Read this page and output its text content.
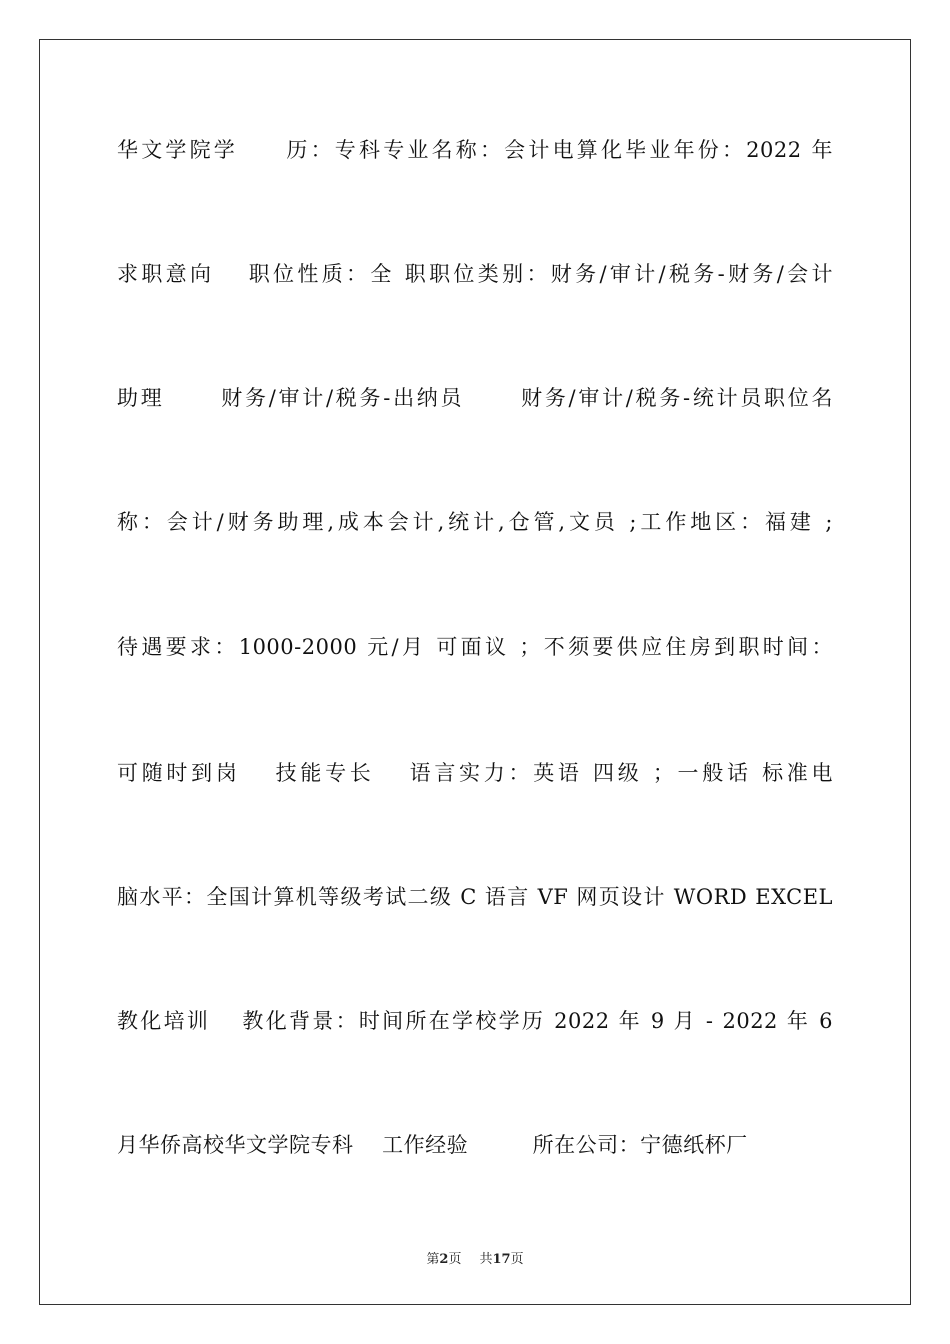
华文学院学　　历：专科专业名称：会计电算化毕业年份：2022 年
求职意向　 职位性质：全 职职位类别：财务/审计/税务-财务/会计
助理　　 财务/审计/税务-出纳员　　 财务/审计/税务-统计员职位名
称：会计/财务助理,成本会计,统计,仓管,文员 ;工作地区：福建 ;
待遇要求：1000-2000 元/月 可面议 ；不须要供应住房到职时间：
可随时到岗　 技能专长　 语言实力：英语 四级 ；一般话 标准电
脑水平：全国计算机等级考试二级 C 语言 VF 网页设计 WORD EXCEL
教化培训　 教化背景：时间所在学校学历 2022 年 9 月 - 2022 年 6
月华侨高校华文学院专科　 工作经验　　　所在公司：宁德纸杯厂
第2页 共17页
